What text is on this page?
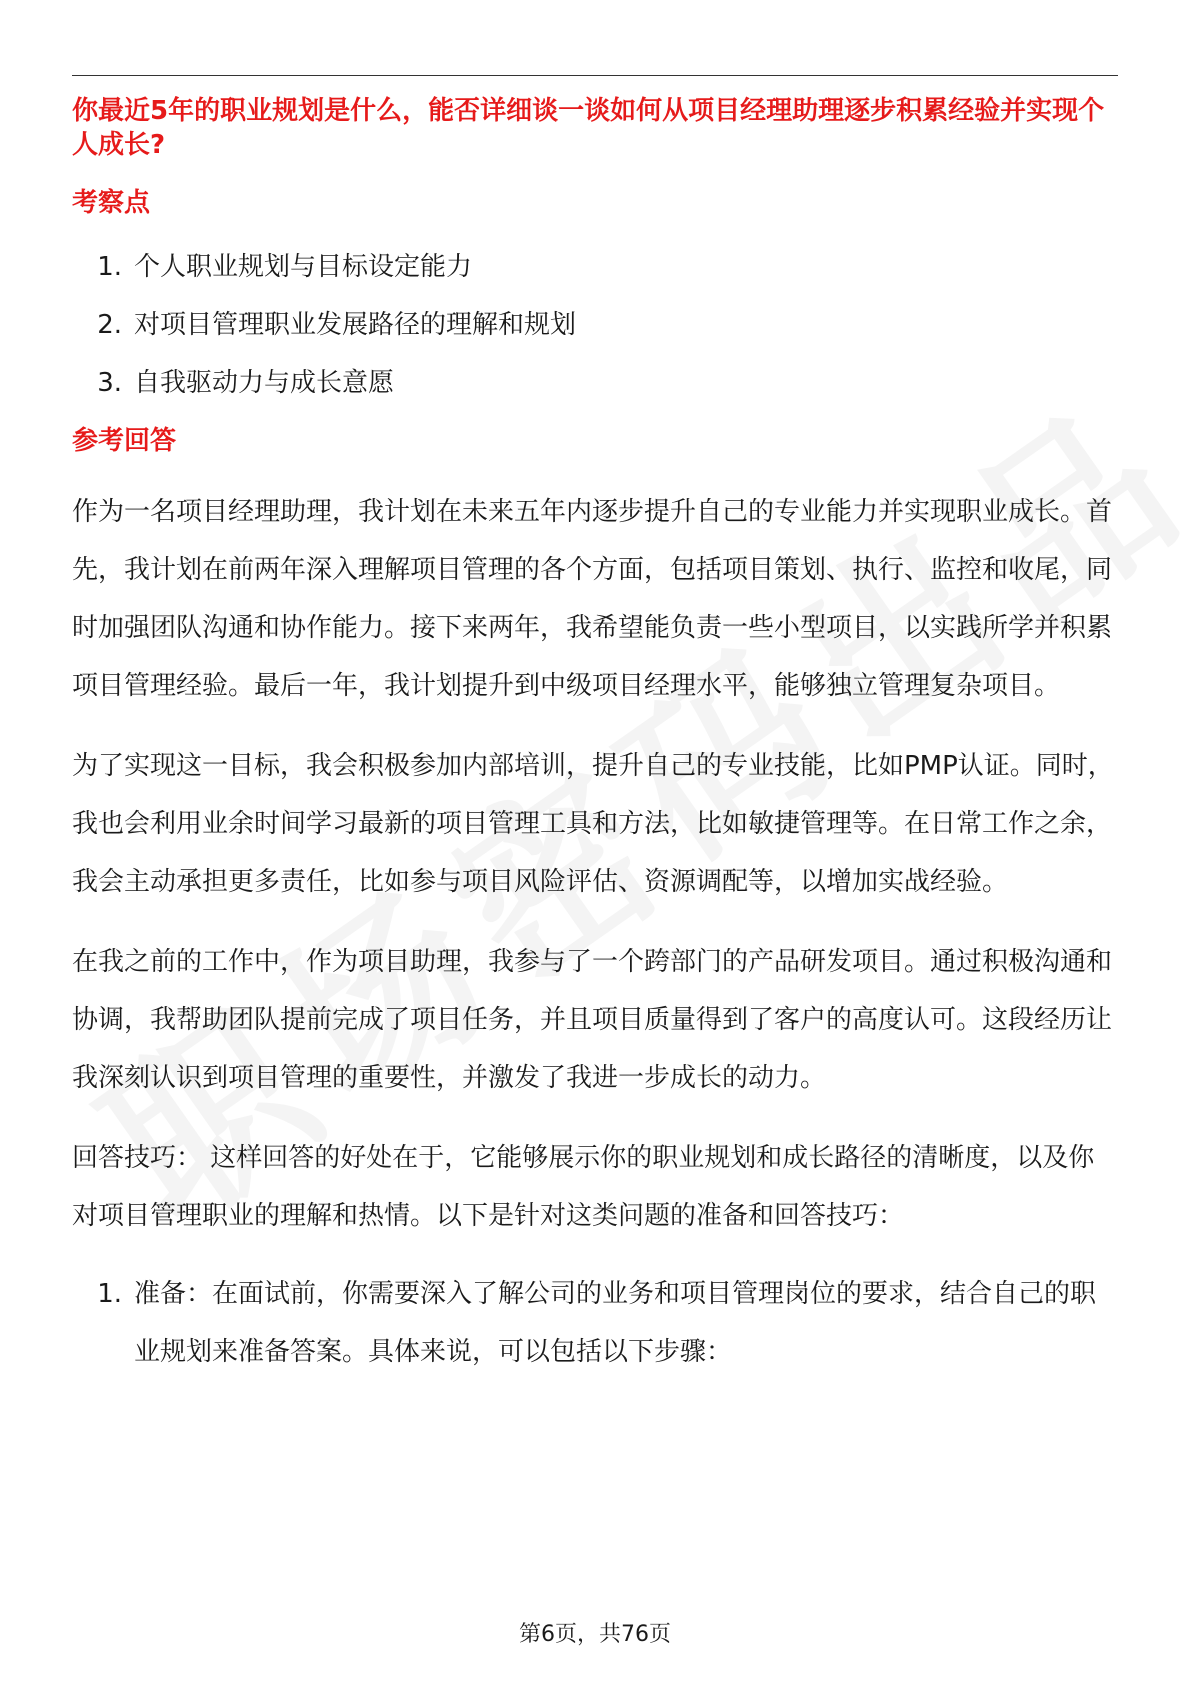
你最近5年的职业规划是什么，能否详细谈一谈如何从项目经理助理逐步积累经验并实现个人成长?

考察点

1. 个人职业规划与目标设定能力
2. 对项目管理职业发展路径的理解和规划
3. 自我驱动力与成长意愿

参考回答

作为一名项目经理助理，我计划在未来五年内逐步提升自己的专业能力并实现职业成长。首先，我计划在前两年深入理解项目管理的各个方面，包括项目策划、执行、监控和收尾，同时加强团队沟通和协作能力。接下来两年，我希望能负责一些小型项目，以实践所学并积累项目管理经验。最后一年，我计划提升到中级项目经理水平，能够独立管理复杂项目。

为了实现这一目标，我会积极参加内部培训，提升自己的专业技能，比如PMP认证。同时，我也会利用业余时间学习最新的项目管理工具和方法，比如敏捷管理等。在日常工作之余，我会主动承担更多责任，比如参与项目风险评估、资源调配等，以增加实战经验。

在我之前的工作中，作为项目助理，我参与了一个跨部门的产品研发项目。通过积极沟通和协调，我帮助团队提前完成了项目任务，并且项目质量得到了客户的高度认可。这段经历让我深刻认识到项目管理的重要性，并激发了我进一步成长的动力。

回答技巧： 这样回答的好处在于，它能够展示你的职业规划和成长路径的清晰度，以及你对项目管理职业的理解和热情。以下是针对这类问题的准备和回答技巧：

1. 准备：在面试前，你需要深入了解公司的业务和项目管理岗位的要求，结合自己的职业规划来准备答案。具体来说，可以包括以下步骤：
第6页，共76页
